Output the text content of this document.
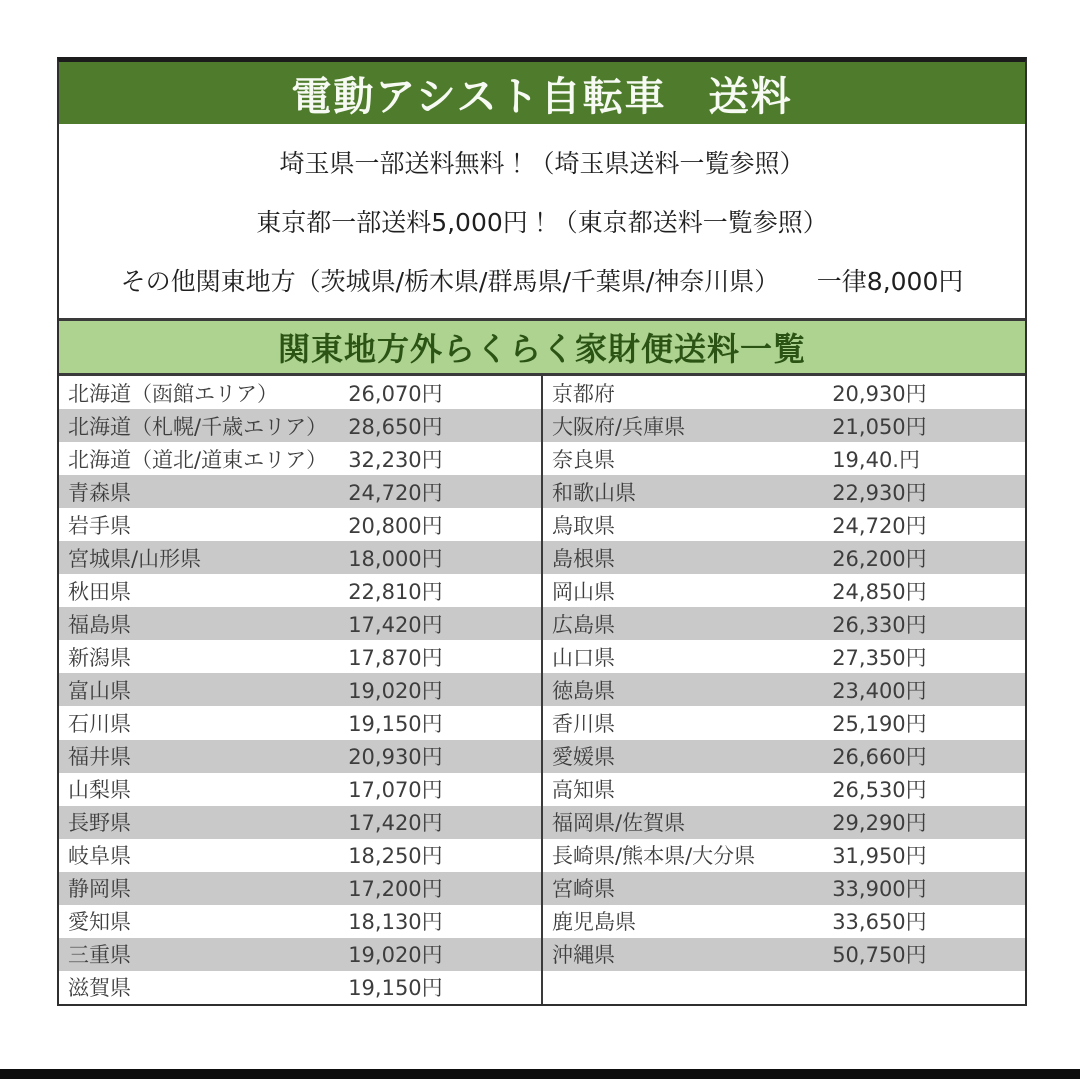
電動アシスト自転車　送料
埼玉県一部送料無料！（埼玉県送料一覧参照）
東京都一部送料5,000円！（東京都送料一覧参照）
その他関東地方（茨城県/栃木県/群馬県/千葉県/神奈川県）　　一律8,000円
関東地方外らくらく家財便送料一覧
北海道（函館エリア）	26,070円
北海道（札幌/千歳エリア）	28,650円
北海道（道北/道東エリア）	32,230円
青森県	24,720円
岩手県	20,800円
宮城県/山形県	18,000円
秋田県	22,810円
福島県	17,420円
新潟県	17,870円
富山県	19,020円
石川県	19,150円
福井県	20,930円
山梨県	17,070円
長野県	17,420円
岐阜県	18,250円
静岡県	17,200円
愛知県	18,130円
三重県	19,020円
滋賀県	19,150円
京都府	20,930円
大阪府/兵庫県	21,050円
奈良県	19,40.円
和歌山県	22,930円
鳥取県	24,720円
島根県	26,200円
岡山県	24,850円
広島県	26,330円
山口県	27,350円
徳島県	23,400円
香川県	25,190円
愛媛県	26,660円
高知県	26,530円
福岡県/佐賀県	29,290円
長崎県/熊本県/大分県	31,950円
宮崎県	33,900円
鹿児島県	33,650円
沖縄県	50,750円
